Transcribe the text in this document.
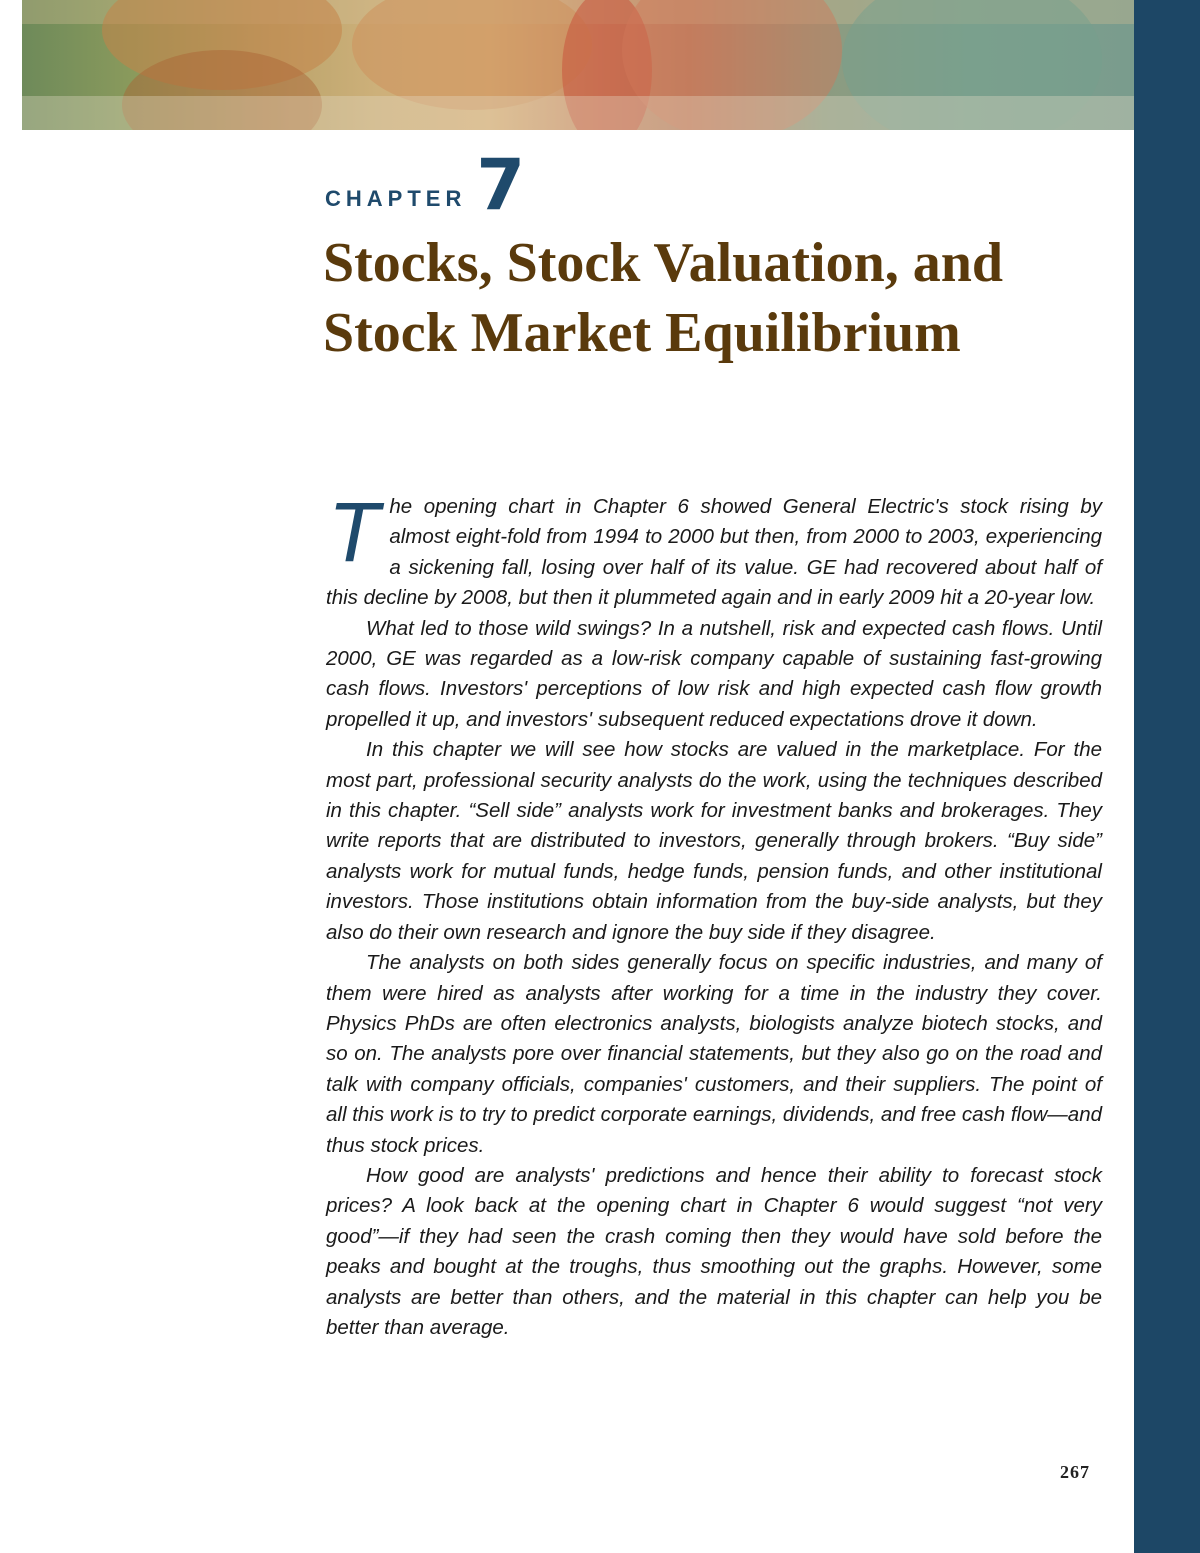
CHAPTER 7
Stocks, Stock Valuation, and Stock Market Equilibrium

The opening chart in Chapter 6 showed General Electric's stock rising by almost eight-fold from 1994 to 2000 but then, from 2000 to 2003, experiencing a sickening fall, losing over half of its value. GE had recovered about half of this decline by 2008, but then it plummeted again and in early 2009 hit a 20-year low.

What led to those wild swings? In a nutshell, risk and expected cash flows. Until 2000, GE was regarded as a low-risk company capable of sustaining fast-growing cash flows. Investors' perceptions of low risk and high expected cash flow growth propelled it up, and investors' subsequent reduced expectations drove it down.

In this chapter we will see how stocks are valued in the marketplace. For the most part, professional security analysts do the work, using the techniques described in this chapter. “Sell side” analysts work for investment banks and brokerages. They write reports that are distributed to investors, generally through brokers. “Buy side” analysts work for mutual funds, hedge funds, pension funds, and other institutional investors. Those institutions obtain information from the buy-side analysts, but they also do their own research and ignore the buy side if they disagree.

The analysts on both sides generally focus on specific industries, and many of them were hired as analysts after working for a time in the industry they cover. Physics PhDs are often electronics analysts, biologists analyze biotech stocks, and so on. The analysts pore over financial statements, but they also go on the road and talk with company officials, companies' customers, and their suppliers. The point of all this work is to try to predict corporate earnings, dividends, and free cash flow—and thus stock prices.

How good are analysts' predictions and hence their ability to forecast stock prices? A look back at the opening chart in Chapter 6 would suggest “not very good”—if they had seen the crash coming then they would have sold before the peaks and bought at the troughs, thus smoothing out the graphs. However, some analysts are better than others, and the material in this chapter can help you be better than average.

267
